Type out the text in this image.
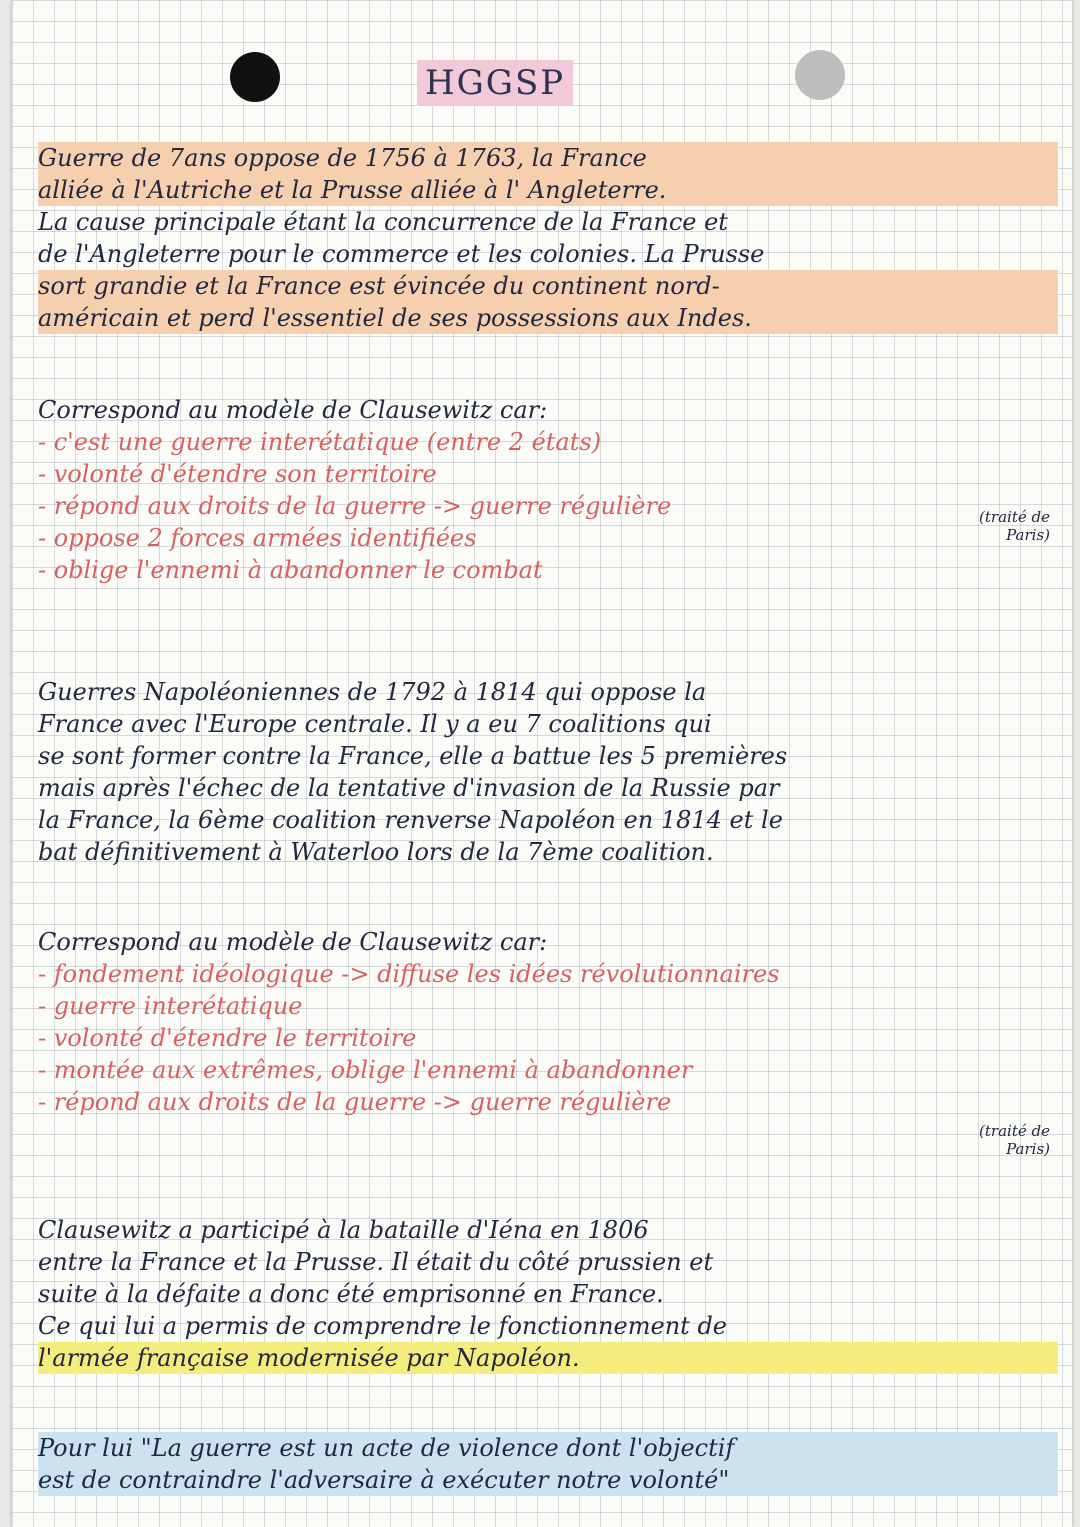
HGGSP
Guerre de 7ans oppose de 1756 à 1763, la France
alliée à l'Autriche et la Prusse alliée à l' Angleterre.
La cause principale étant la concurrence de la France et
de l'Angleterre pour le commerce et les colonies. La Prusse
sort grandie et la France est évincée du continent nord-
américain et perd l'essentiel de ses possessions aux Indes.
Correspond au modèle de Clausewitz car:
- c'est une guerre interétatique (entre 2 états)
- volonté d'étendre son territoire
- répond aux droits de la guerre -> guerre régulière
- oppose 2 forces armées identifiées
- oblige l'ennemi à abandonner le combat
(traité de Paris)
Guerres Napoléoniennes de 1792 à 1814 qui oppose la
France avec l'Europe centrale. Il y a eu 7 coalitions qui
se sont former contre la France, elle a battue les 5 premières
mais après l'échec de la tentative d'invasion de la Russie par
la France, la 6ème coalition renverse Napoléon en 1814 et le
bat définitivement à Waterloo lors de la 7ème coalition.
Correspond au modèle de Clausewitz car:
- fondement idéologique -> diffuse les idées révolutionnaires
- guerre interétatique
- volonté d'étendre le territoire
- montée aux extrêmes, oblige l'ennemi à abandonner
- répond aux droits de la guerre -> guerre régulière
(traité de Paris)
Clausewitz a participé à la bataille d'Iéna en 1806
entre la France et la Prusse. Il était du côté prussien et
suite à la défaite a donc été emprisonné en France.
Ce qui lui a permis de comprendre le fonctionnement de
l'armée française modernisée par Napoléon.
Pour lui "La guerre est un acte de violence dont l'objectif
est de contraindre l'adversaire à exécuter notre volonté"
